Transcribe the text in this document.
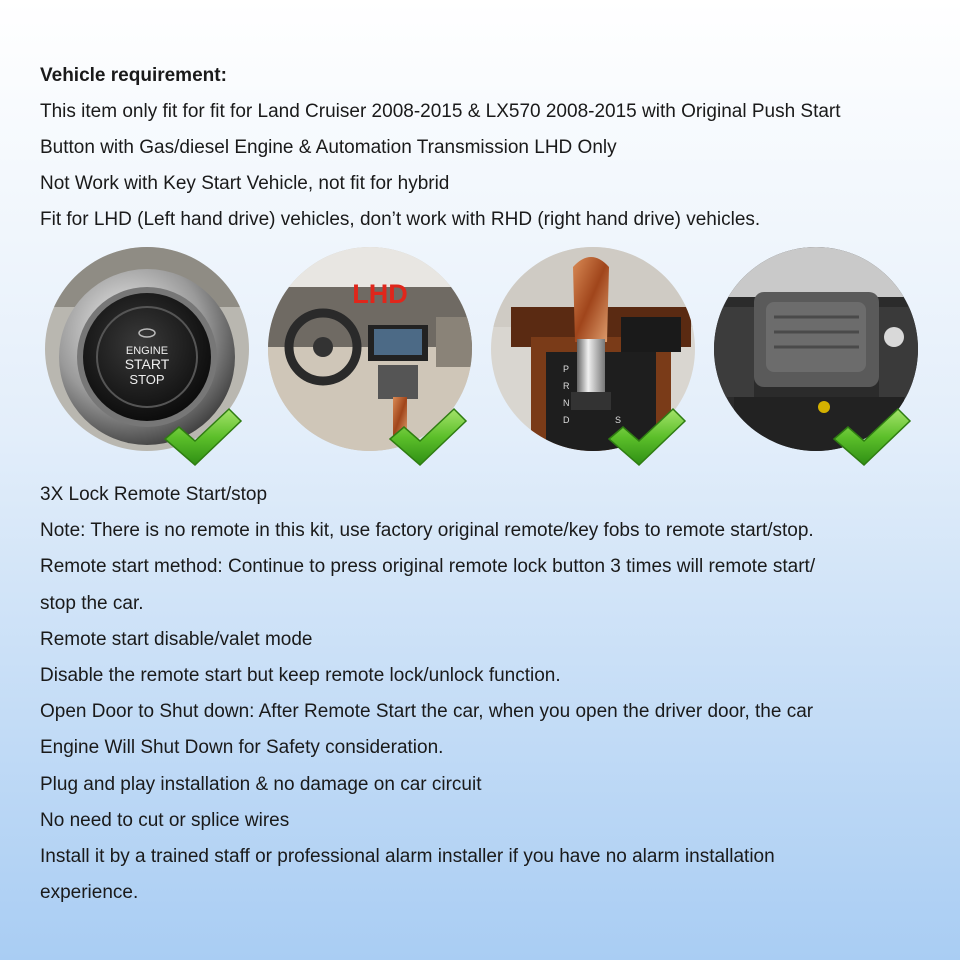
Vehicle requirement:
This item only fit for fit for Land Cruiser 2008-2015 & LX570 2008-2015 with Original Push Start
Button with Gas/diesel Engine & Automation Transmission LHD Only
Not Work with Key Start Vehicle, not fit for hybrid
Fit for LHD (Left hand drive) vehicles, don’t work with RHD (right hand drive) vehicles.
ENGINE
START
STOP
LHD
P
R
N
D	S
3X Lock Remote Start/stop
Note: There is no remote in this kit, use factory original remote/key fobs to remote start/stop.
Remote start method: Continue to press original remote lock button 3 times will remote start/
stop the car.
Remote start disable/valet mode
Disable the remote start but keep remote lock/unlock function.
Open Door to Shut down: After Remote Start the car, when you open the driver door, the car
Engine Will Shut Down for Safety consideration.
Plug and play installation & no damage on car circuit
No need to cut or splice wires
Install it by a trained staff or professional alarm installer if you have no alarm installation
experience.
